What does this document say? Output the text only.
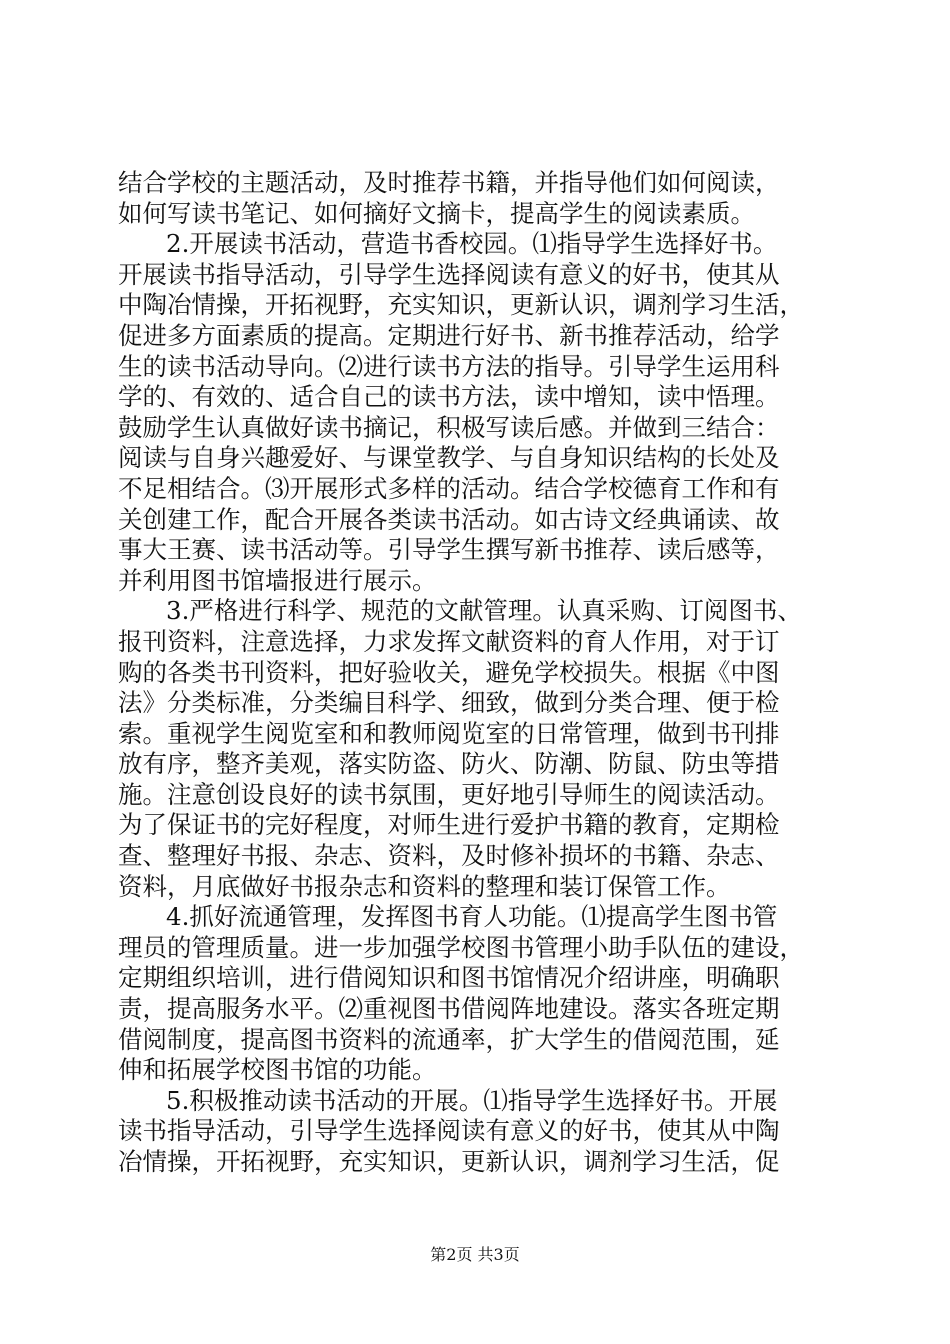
结合学校的主题活动，及时推荐书籍，并指导他们如何阅读，
如何写读书笔记、如何摘好文摘卡，提高学生的阅读素质。
2.开展读书活动，营造书香校园。⑴指导学生选择好书。
开展读书指导活动，引导学生选择阅读有意义的好书，使其从
中陶冶情操，开拓视野，充实知识，更新认识，调剂学习生活，
促进多方面素质的提高。定期进行好书、新书推荐活动，给学
生的读书活动导向。⑵进行读书方法的指导。引导学生运用科
学的、有效的、适合自己的读书方法，读中增知，读中悟理。
鼓励学生认真做好读书摘记，积极写读后感。并做到三结合：
阅读与自身兴趣爱好、与课堂教学、与自身知识结构的长处及
不足相结合。⑶开展形式多样的活动。结合学校德育工作和有
关创建工作，配合开展各类读书活动。如古诗文经典诵读、故
事大王赛、读书活动等。引导学生撰写新书推荐、读后感等，
并利用图书馆墙报进行展示。
3.严格进行科学、规范的文献管理。认真采购、订阅图书、
报刊资料，注意选择，力求发挥文献资料的育人作用，对于订
购的各类书刊资料，把好验收关，避免学校损失。根据《中图
法》分类标准，分类编目科学、细致，做到分类合理、便于检
索。重视学生阅览室和和教师阅览室的日常管理，做到书刊排
放有序，整齐美观，落实防盗、防火、防潮、防鼠、防虫等措
施。注意创设良好的读书氛围，更好地引导师生的阅读活动。
为了保证书的完好程度，对师生进行爱护书籍的教育，定期检
查、整理好书报、杂志、资料，及时修补损坏的书籍、杂志、
资料，月底做好书报杂志和资料的整理和装订保管工作。
4.抓好流通管理，发挥图书育人功能。⑴提高学生图书管
理员的管理质量。进一步加强学校图书管理小助手队伍的建设，
定期组织培训，进行借阅知识和图书馆情况介绍讲座，明确职
责，提高服务水平。⑵重视图书借阅阵地建设。落实各班定期
借阅制度，提高图书资料的流通率，扩大学生的借阅范围，延
伸和拓展学校图书馆的功能。
5.积极推动读书活动的开展。⑴指导学生选择好书。开展
读书指导活动，引导学生选择阅读有意义的好书，使其从中陶
冶情操，开拓视野，充实知识，更新认识，调剂学习生活，促
第2页 共3页
